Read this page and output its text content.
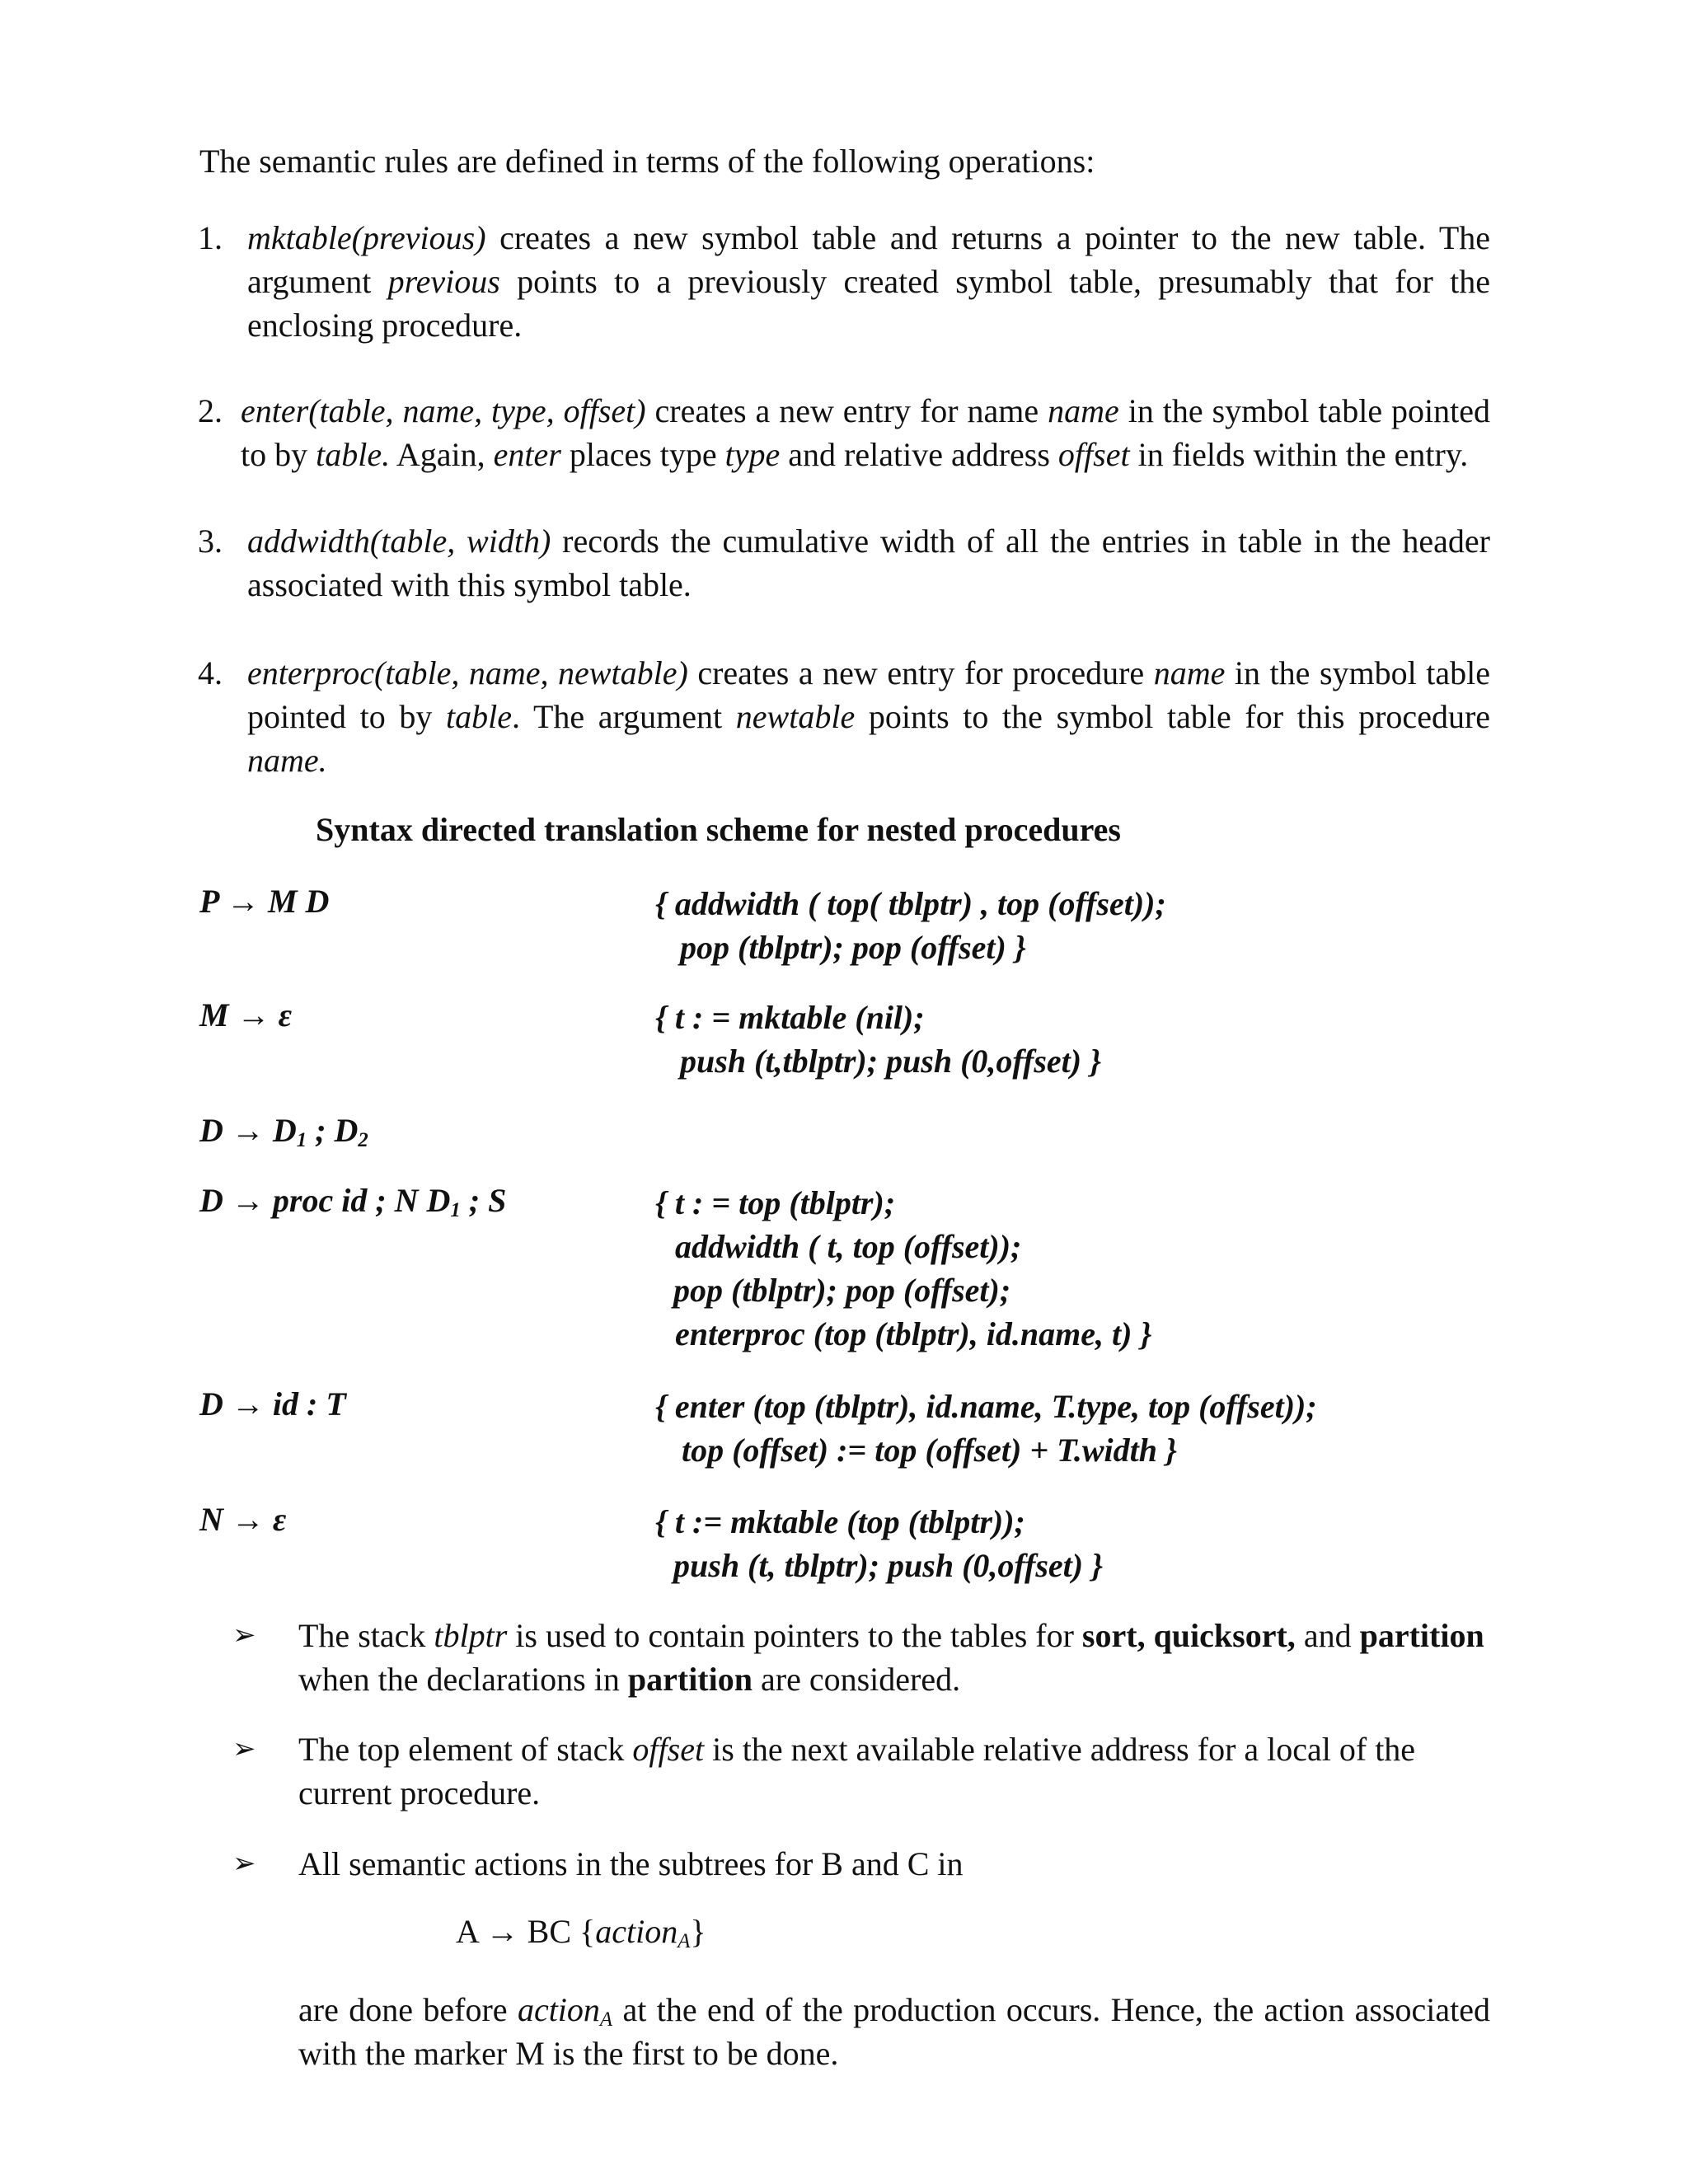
The semantic rules are defined in terms of the following operations:
1. mktable(previous) creates a new symbol table and returns a pointer to the new table. The argument previous points to a previously created symbol table, presumably that for the enclosing procedure.
2. enter(table, name, type, offset) creates a new entry for name name in the symbol table pointed to by table. Again, enter places type type and relative address offset in fields within the entry.
3. addwidth(table, width) records the cumulative width of all the entries in table in the header associated with this symbol table.
4. enterproc(table, name, newtable) creates a new entry for procedure name in the symbol table pointed to by table. The argument newtable points to the symbol table for this procedure name.
Syntax directed translation scheme for nested procedures
P → M D	{ addwidth ( top( tblptr) , top (offset));
pop (tblptr); pop (offset) }
M → ε	{ t : = mktable (nil);
push (t,tblptr); push (0,offset) }
$D \to D_1$ ; $D_2$
D → proc id ; N $D_1$ ; S	{ t : = top (tblptr);
addwidth ( t, top (offset));
pop (tblptr); pop (offset);
enterproc (top (tblptr), id.name, t) }
D → id : T	{ enter (top (tblptr), id.name, T.type, top (offset));
top (offset) := top (offset) + T.width }
N → ε	{ t := mktable (top (tblptr));
push (t, tblptr); push (0,offset) }
➢ The stack tblptr is used to contain pointers to the tables for sort, quicksort, and partition when the declarations in partition are considered.
➢ The top element of stack offset is the next available relative address for a local of the current procedure.
➢ All semantic actions in the subtrees for B and C in
A → BC {action$_A$}
are done before action$_A$ at the end of the production occurs. Hence, the action associated with the marker M is the first to be done.
